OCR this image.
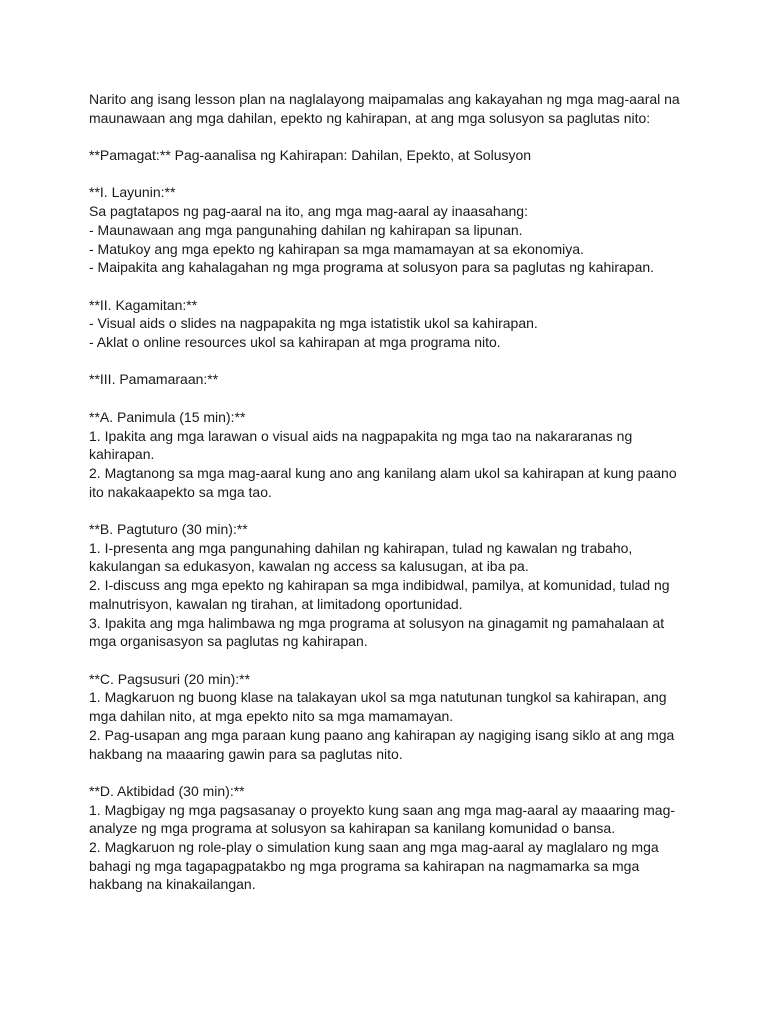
Narito ang isang lesson plan na naglalayong maipamalas ang kakayahan ng mga mag-aaral na
maunawaan ang mga dahilan, epekto ng kahirapan, at ang mga solusyon sa paglutas nito:
**Pamagat:** Pag-aanalisa ng Kahirapan: Dahilan, Epekto, at Solusyon
**I. Layunin:**
Sa pagtatapos ng pag-aaral na ito, ang mga mag-aaral ay inaasahang:
- Maunawaan ang mga pangunahing dahilan ng kahirapan sa lipunan.
- Matukoy ang mga epekto ng kahirapan sa mga mamamayan at sa ekonomiya.
- Maipakita ang kahalagahan ng mga programa at solusyon para sa paglutas ng kahirapan.
**II. Kagamitan:**
- Visual aids o slides na nagpapakita ng mga istatistik ukol sa kahirapan.
- Aklat o online resources ukol sa kahirapan at mga programa nito.
**III. Pamamaraan:**
**A. Panimula (15 min):**
1. Ipakita ang mga larawan o visual aids na nagpapakita ng mga tao na nakararanas ng
kahirapan.
2. Magtanong sa mga mag-aaral kung ano ang kanilang alam ukol sa kahirapan at kung paano
ito nakakaapekto sa mga tao.
**B. Pagtuturo (30 min):**
1. I-presenta ang mga pangunahing dahilan ng kahirapan, tulad ng kawalan ng trabaho,
kakulangan sa edukasyon, kawalan ng access sa kalusugan, at iba pa.
2. I-discuss ang mga epekto ng kahirapan sa mga indibidwal, pamilya, at komunidad, tulad ng
malnutrisyon, kawalan ng tirahan, at limitadong oportunidad.
3. Ipakita ang mga halimbawa ng mga programa at solusyon na ginagamit ng pamahalaan at
mga organisasyon sa paglutas ng kahirapan.
**C. Pagsusuri (20 min):**
1. Magkaruon ng buong klase na talakayan ukol sa mga natutunan tungkol sa kahirapan, ang
mga dahilan nito, at mga epekto nito sa mga mamamayan.
2. Pag-usapan ang mga paraan kung paano ang kahirapan ay nagiging isang siklo at ang mga
hakbang na maaaring gawin para sa paglutas nito.
**D. Aktibidad (30 min):**
1. Magbigay ng mga pagsasanay o proyekto kung saan ang mga mag-aaral ay maaaring mag-
analyze ng mga programa at solusyon sa kahirapan sa kanilang komunidad o bansa.
2. Magkaruon ng role-play o simulation kung saan ang mga mag-aaral ay maglalaro ng mga
bahagi ng mga tagapagpatakbo ng mga programa sa kahirapan na nagmamarka sa mga
hakbang na kinakailangan.
